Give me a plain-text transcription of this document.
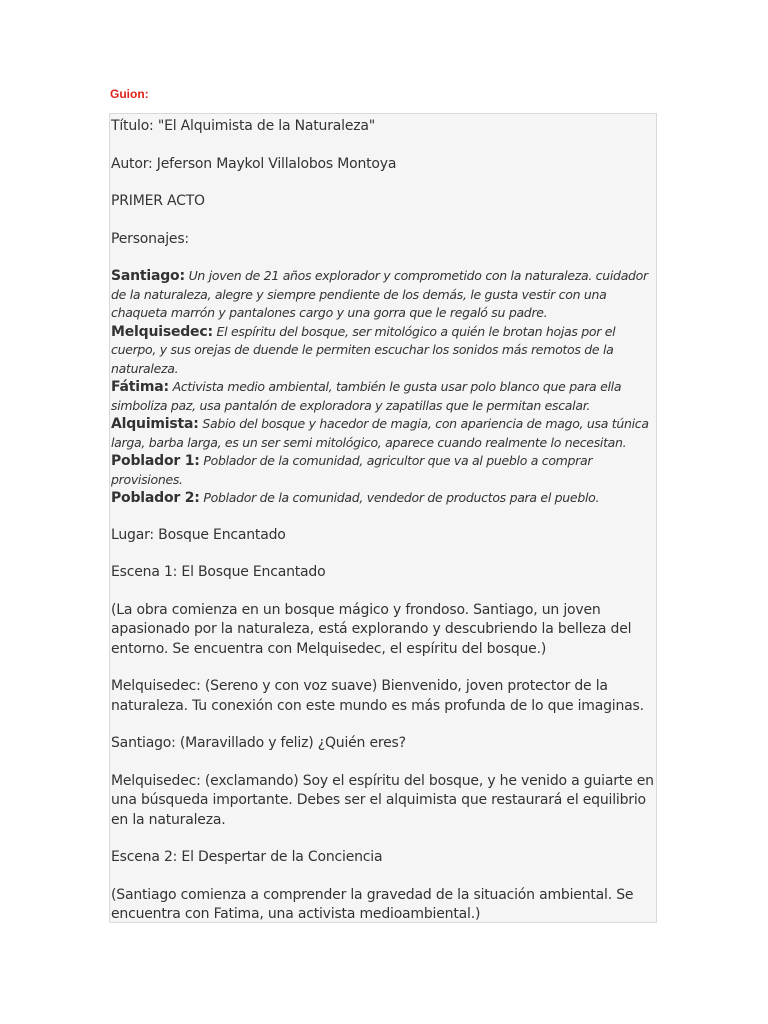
Guion:
Título: "El Alquimista de la Naturaleza"
Autor: Jeferson Maykol Villalobos Montoya
PRIMER ACTO
Personajes:
Santiago: Un joven de 21 años explorador y comprometido con la naturaleza. cuidador de la naturaleza, alegre y siempre pendiente de los demás, le gusta vestir con una chaqueta marrón y pantalones cargo y una gorra que le regaló su padre.
Melquisedec: El espíritu del bosque, ser mitológico a quién le brotan hojas por el cuerpo, y sus orejas de duende le permiten escuchar los sonidos más remotos de la naturaleza.
Fátima: Activista medio ambiental, también le gusta usar polo blanco que para ella simboliza paz, usa pantalón de exploradora y zapatillas que le permitan escalar.
Alquimista: Sabio del bosque y hacedor de magia, con apariencia de mago, usa túnica larga, barba larga, es un ser semi mitológico, aparece cuando realmente lo necesitan.
Poblador 1: Poblador de la comunidad, agricultor que va al pueblo a comprar provisiones.
Poblador 2: Poblador de la comunidad, vendedor de productos para el pueblo.
Lugar: Bosque Encantado
Escena 1: El Bosque Encantado
(La obra comienza en un bosque mágico y frondoso. Santiago, un joven apasionado por la naturaleza, está explorando y descubriendo la belleza del entorno. Se encuentra con Melquisedec, el espíritu del bosque.)
Melquisedec: (Sereno y con voz suave) Bienvenido, joven protector de la naturaleza. Tu conexión con este mundo es más profunda de lo que imaginas.
Santiago: (Maravillado y feliz) ¿Quién eres?
Melquisedec: (exclamando) Soy el espíritu del bosque, y he venido a guiarte en una búsqueda importante. Debes ser el alquimista que restaurará el equilibrio en la naturaleza.
Escena 2: El Despertar de la Conciencia
(Santiago comienza a comprender la gravedad de la situación ambiental. Se encuentra con Fatima, una activista medioambiental.)
